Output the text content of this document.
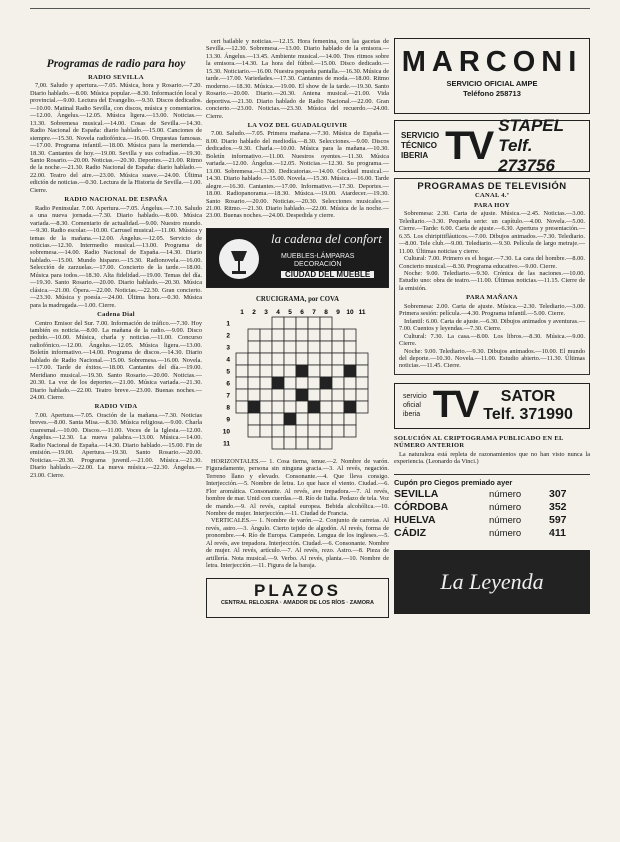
Programas de radio para hoy
RADIO SEVILLA

7,00. Saludo y apertura.—7.05. Música, hora y Rosario.—7.20. Diario hablado.—8.00. Música popular.—8.30. Información local y provincial.—9.00. Lectura del Evangelio.—9.30. Discos dedicados.—10.00. Matinal Radio Sevilla, con discos, música y comentarios.—12.00. Ángelus.—12.05. Música ligera.—13.00. Noticias.—13.30. Sobremesa musical.—14.00. Cosas de Sevilla.—14.30. Radio Nacional de España: diario hablado.—15.00. Canciones de siempre.—15.30. Novela radiofónica.—16.00. Orquestas famosas.—17.00. Programa infantil.—18.00. Música para la merienda.—18.30. Cantantes de hoy.—19.00. Sevilla y sus cofradías.—19.30. Santo Rosario.—20.00. Noticias.—20.30. Deportes.—21.00. Ritmo de la noche.—21.30. Radio Nacional de España: diario hablado.—22.00. Teatro del aire.—23.00. Música suave.—24.00. Última edición de noticias.—0.30. Lectura de la Historia de Sevilla.—1.00. Cierre.

RADIO NACIONAL DE ESPAÑA

Radio Peninsular. 7.00. Apertura.—7.05. Ángelus.—7.10. Saludo a una nueva jornada.—7.30. Diario hablado.—8.00. Música variada.—8.30. Comentario de actualidad.—9.00. Nuestro mundo.—9.30. Radio escolar.—10.00. Carrusel musical.—11.00. Música y temas de la mañana.—12.00. Ángelus.—12.05. Servicio de noticias.—12.30. Intermedio musical.—13.00. Programa de sobremesa.—14.00. Radio Nacional de España.—14.30. Diario hablado.—15.00. Mundo hispano.—15.30. Radionovela.—16.00. Selección de zarzuelas.—17.00. Concierto de la tarde.—18.00. Música para todos.—18.30. Alta fidelidad.—19.00. Temas del día.—19.30. Santo Rosario.—20.00. Diario hablado.—20.30. Música clásica.—21.00. Ópera.—22.00. Noticias.—22.30. Gran concierto.—23.30. Música y poesía.—24.00. Última hora.—0.30. Música para la madrugada.—1.00. Cierre.

Cadena Dial

Centro Emisor del Sur. 7.00. Información de tráfico.—7.30. Hoy también es noticia.—8.00. La mañana de la radio.—9.00. Disco pedido.—10.00. Música, charla y noticias.—11.00. Concurso radiofónico.—12.00. Ángelus.—12.05. Música ligera.—13.00. Boletín informativo.—14.00. Programa de discos.—14.30. Diario hablado de Radio Nacional.—15.00. Sobremesa.—16.00. Novela.—17.00. Tarde de éxitos.—18.00. Cantantes del día.—19.00. Meridiano musical.—19.30. Santo Rosario.—20.00. Noticias.—20.30. La voz de los deportes.—21.00. Música variada.—21.30. Diario hablado.—22.00. Teatro breve.—23.00. Buenas noches.—24.00. Cierre.

RADIO VIDA

7.00. Apertura.—7.05. Oración de la mañana.—7.30. Noticias breves.—8.00. Santa Misa.—8.30. Música religiosa.—9.00. Charla cuaresmal.—10.00. Discos.—11.00. Voces de la Iglesia.—12.00. Ángelus.—12.30. La nueva palabra.—13.00. Música.—14.00. Radio Nacional de España.—14.30. Diario hablado.—15.00. Fin de emisión.—19.00. Apertura.—19.30. Santo Rosario.—20.00. Noticias.—20.30. Programa juvenil.—21.00. Música.—21.30. Diario hablado.—22.00. La nueva música.—22.30. Ángelus.—23.00. Cierre.

cert bailable y noticias.—12.15. Hora femenina, con las gacetas de Sevilla.—12.30. Sobremesa.—13.00. Diario hablado de la emisora.—13.30. Ángelus.—13.45. Ambiente musical.—14.00. Tres ritmos sobre la emisora.—14.30. La hora del fútbol.—15.00. Disco dedicado.—15.30. Noticiario.—16.00. Nuestra pequeña pantalla.—16.30. Música de tarde.—17.00. Variedades.—17.30. Cantantes de moda.—18.00. Ritmo moderno.—18.30. Música.—19.00. El show de la tarde.—19.30. Santo Rosario.—20.00. Diario.—20.30. Antena musical.—21.00. Vida deportiva.—21.30. Diario hablado de Radio Nacional.—22.00. Gran concierto.—23.00. Noticias.—23.30. Música del recuerdo.—24.00. Cierre.

LA VOZ DEL GUADALQUIVIR

7.00. Saludo.—7.05. Primera mañana.—7.30. Música de España.—8.00. Diario hablado del mediodía.—8.30. Selecciones.—9.00. Discos dedicados.—9.30. Charla.—10.00. Música para la mañana.—10.30. Boletín informativo.—11.00. Nuestros oyentes.—11.30. Música variada.—12.00. Ángelus.—12.05. Noticias.—12.30. Su programa.—13.00. Sobremesa.—13.30. Dedicatorias.—14.00. Cocktail musical.—14.30. Diario hablado.—15.00. Novela.—15.30. Música.—16.00. Tarde alegre.—16.30. Cantantes.—17.00. Informativo.—17.30. Deportes.—18.00. Radiopanorama.—18.30. Música.—19.00. Atardecer.—19.30. Santo Rosario.—20.00. Noticias.—20.30. Selecciones musicales.—21.00. Ritmo.—21.30. Diario hablado.—22.00. Música de la noche.—23.00. Buenas noches.—24.00. Despedida y cierre.

la cadena del confort
MUEBLES-LÁMPARAS
DECORACIÓN
CIUDAD DEL MUEBLE
CRUCIGRAMA, por COVA
1 2 3 4 5 6 7 8 9 10 11
1
2
3
4
5
6
7
8
9
10
11

HORIZONTALES.— 1. Cosa tierna, tenue.—2. Nombre de varón. Figuradamente, persona sin ninguna gracia.—3. Al revés, negación. Terreno llano y elevado. Consonante.—4. Que lleva consigo. Interjección.—5. Nombre de letra. Lo que hace el viento. Ciudad.—6. Flor aromática. Consonante. Al revés, ave trepadora.—7. Al revés, hombre de mar. Unid con cuerdas.—8. Río de Italia. Pedazo de tela. Voz de mando.—9. Al revés, capital europea. Bebida alcohólica.—10. Nombre de mujer. Interjección.—11. Ciudad de Francia.

VERTICALES.— 1. Nombre de varón.—2. Conjunto de carretas. Al revés, astro.—3. Ángulo. Cierto tejido de algodón. Al revés, forma de pronombre.—4. Río de Europa. Campeón. Lengua de los ingleses.—5. Al revés, ave trepadora. Interjección. Ciudad.—6. Consonante. Nombre de mujer. Al revés, artículo.—7. Al revés, rezo. Astro.—8. Pieza de artillería. Nota musical.—9. Verbo. Al revés, planta.—10. Nombre de letra. Interjección.—11. Figura de la baraja.

PLAZOS
CENTRAL RELOJERA · AMADOR DE LOS RÍOS · ZAMORA
MARCONI
SERVICIO OFICIAL AMPE
Teléfono 258713
SERVICIO
TÉCNICO
IBERIA TV STAPEL
Telf. 273756
PROGRAMAS DE TELEVISIÓN
CANAL 4.ª
PARA HOY

Sobremesa: 2.30. Carta de ajuste. Música.—2.45. Noticias.—3.00. Telediario.—3.30. Pequeña serie: un capítulo.—4.00. Novela.—5.00. Cierre.—Tarde: 6.00. Carta de ajuste.—6.30. Apertura y presentación.—6.35. Los chiripitifláuticos.—7.00. Dibujos animados.—7.30. Telediario.—8.00. Tele club.—9.00. Telediario.—9.30. Película de largo metraje.—11.00. Últimas noticias y cierre.

Cultural: 7.00. Primero es el hogar.—7.30. La cara del hombre.—8.00. Concierto musical.—8.30. Programa educativo.—9.00. Cierre.

Noche: 9.00. Telediario.—9.30. Crónica de las naciones.—10.00. Estudio uno: obra de teatro.—11.00. Últimas noticias.—11.15. Cierre de la emisión.

PARA MAÑANA

Sobremesa: 2.00. Carta de ajuste. Música.—2.30. Telediario.—3.00. Primera sesión: película.—4.30. Programa infantil.—5.00. Cierre.

Infantil: 6.00. Carta de ajuste.—6.30. Dibujos animados y aventuras.—7.00. Cuentos y leyendas.—7.30. Cierre.

Cultural: 7.30. La casa.—8.00. Los libros.—8.30. Música.—9.00. Cierre.

Noche: 9.00. Telediario.—9.30. Dibujos animados.—10.00. El mundo del deporte.—10.30. Novela.—11.00. Estudio abierto.—11.30. Últimas noticias.—11.45. Cierre.

servicio
oficial
iberia TV	SATOR
Telf. 371990
SOLUCIÓN AL CRIPTOGRAMA PUBLICADO EN EL NÚMERO ANTERIOR

La naturaleza está repleta de razonamientos que no han visto nunca la experiencia. (Leonardo da Vinci.)

Cupón pro Ciegos premiado ayer
SEVILLA	número	307
CÓRDOBA	número	352
HUELVA	número	597
CÁDIZ	número	411
La Leyenda
